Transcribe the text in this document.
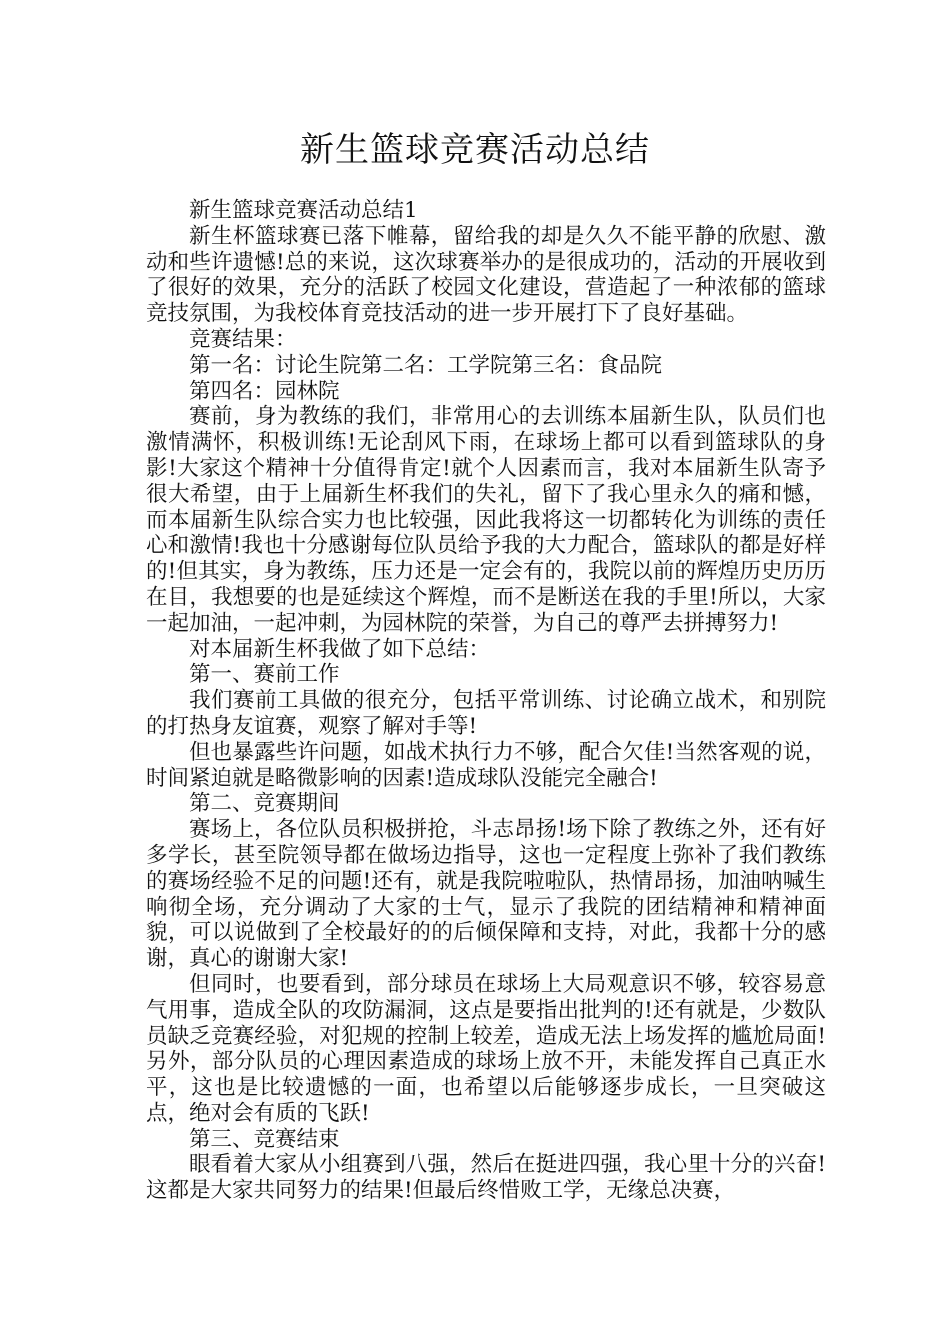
新生篮球竞赛活动总结

新生篮球竞赛活动总结1

新生杯篮球赛已落下帷幕，留给我的却是久久不能平静的欣慰、激动和些许遗憾!总的来说，这次球赛举办的是很成功的，活动的开展收到了很好的效果，充分的活跃了校园文化建设，营造起了一种浓郁的篮球竞技氛围，为我校体育竞技活动的进一步开展打下了良好基础。

竞赛结果：

第一名：讨论生院第二名：工学院第三名：食品院

第四名：园林院

赛前，身为教练的我们，非常用心的去训练本届新生队，队员们也激情满怀，积极训练!无论刮风下雨，在球场上都可以看到篮球队的身影!大家这个精神十分值得肯定!就个人因素而言，我对本届新生队寄予很大希望，由于上届新生杯我们的失礼，留下了我心里永久的痛和憾，而本届新生队综合实力也比较强，因此我将这一切都转化为训练的责任心和激情!我也十分感谢每位队员给予我的大力配合，篮球队的都是好样的!但其实，身为教练，压力还是一定会有的，我院以前的辉煌历史历历在目，我想要的也是延续这个辉煌，而不是断送在我的手里!所以，大家一起加油，一起冲刺，为园林院的荣誉，为自己的尊严去拼搏努力!

对本届新生杯我做了如下总结：

第一、赛前工作

我们赛前工具做的很充分，包括平常训练、讨论确立战术，和别院的打热身友谊赛，观察了解对手等!

但也暴露些许问题，如战术执行力不够，配合欠佳!当然客观的说，时间紧迫就是略微影响的因素!造成球队没能完全融合!

第二、竞赛期间

赛场上，各位队员积极拼抢，斗志昂扬!场下除了教练之外，还有好多学长，甚至院领导都在做场边指导，这也一定程度上弥补了我们教练的赛场经验不足的问题!还有，就是我院啦啦队，热情昂扬，加油呐喊生响彻全场，充分调动了大家的士气，显示了我院的团结精神和精神面貌，可以说做到了全校最好的的后倾保障和支持，对此，我都十分的感谢，真心的谢谢大家!

但同时，也要看到，部分球员在球场上大局观意识不够，较容易意气用事，造成全队的攻防漏洞，这点是要指出批判的!还有就是，少数队员缺乏竞赛经验，对犯规的控制上较差，造成无法上场发挥的尴尬局面!另外，部分队员的心理因素造成的球场上放不开，未能发挥自己真正水平，这也是比较遗憾的一面，也希望以后能够逐步成长，一旦突破这点，绝对会有质的飞跃!

第三、竞赛结束

眼看着大家从小组赛到八强，然后在挺进四强，我心里十分的兴奋!这都是大家共同努力的结果!但最后终惜败工学，无缘总决赛，
